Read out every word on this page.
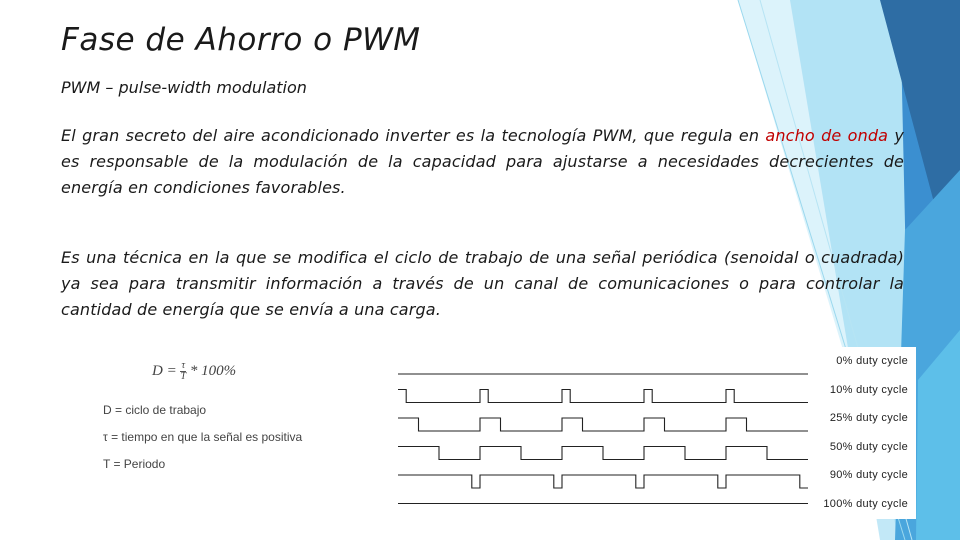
Fase de Ahorro o PWM

PWM – pulse-width modulation

El gran secreto del aire acondicionado inverter es la tecnología PWM, que regula en ancho de onda y es responsable de la modulación de la capacidad para ajustarse a necesidades decrecientes de energía en condiciones favorables.

Es una técnica en la que se modifica el ciclo de trabajo de una señal periódica (senoidal o cuadrada) ya sea para transmitir información a través de un canal de comunicaciones o para controlar la cantidad de energía que se envía a una carga.

$D = \frac{\tau}{T} * 100\%$
D = ciclo de trabajo
τ = tiempo en que la señal es positiva
T = Periodo
0% duty cycle
10% duty cycle
25% duty cycle
50% duty cycle
90% duty cycle
100% duty cycle
